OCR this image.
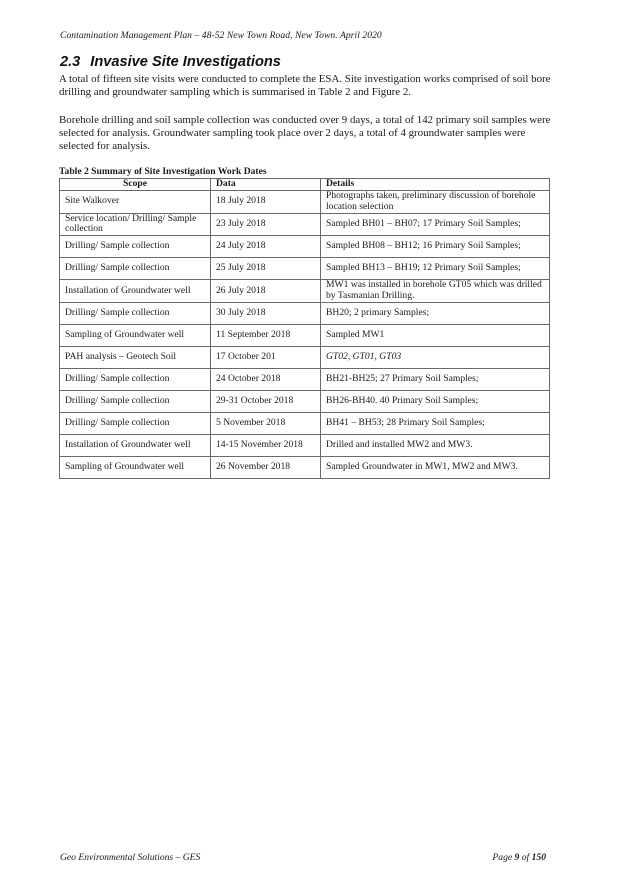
Contamination Management Plan – 48-52 New Town Road, New Town. April 2020
2.3 Invasive Site Investigations

A total of fifteen site visits were conducted to complete the ESA. Site investigation works comprised of soil bore drilling and groundwater sampling which is summarised in Table 2 and Figure 2.

Borehole drilling and soil sample collection was conducted over 9 days, a total of 142 primary soil samples were selected for analysis. Groundwater sampling took place over 2 days, a total of 4 groundwater samples were selected for analysis.

Table 2 Summary of Site Investigation Work Dates
Scope	Data	Details
Site Walkover	18 July 2018	Photographs taken, preliminary discussion of borehole location selection
Service location/ Drilling/ Sample collection	23 July 2018	Sampled BH01 – BH07; 17 Primary Soil Samples;
Drilling/ Sample collection	24 July 2018	Sampled BH08 – BH12; 16 Primary Soil Samples;
Drilling/ Sample collection	25 July 2018	Sampled BH13 – BH19; 12 Primary Soil Samples;
Installation of Groundwater well	26 July 2018	MW1 was installed in borehole GT05 which was drilled by Tasmanian Drilling.
Drilling/ Sample collection	30 July 2018	BH20; 2 primary Samples;
Sampling of Groundwater well	11 September 2018	Sampled MW1
PAH analysis – Geotech Soil	17 October 201	GT02, GT01, GT03
Drilling/ Sample collection	24 October 2018	BH21-BH25; 27 Primary Soil Samples;
Drilling/ Sample collection	29-31 October 2018	BH26-BH40. 40 Primary Soil Samples;
Drilling/ Sample collection	5 November 2018	BH41 – BH53; 28 Primary Soil Samples;
Installation of Groundwater well	14-15 November 2018	Drilled and installed MW2 and MW3.
Sampling of Groundwater well	26 November 2018	Sampled Groundwater in MW1, MW2 and MW3.
Geo Environmental Solutions – GES	Page 9 of 150
